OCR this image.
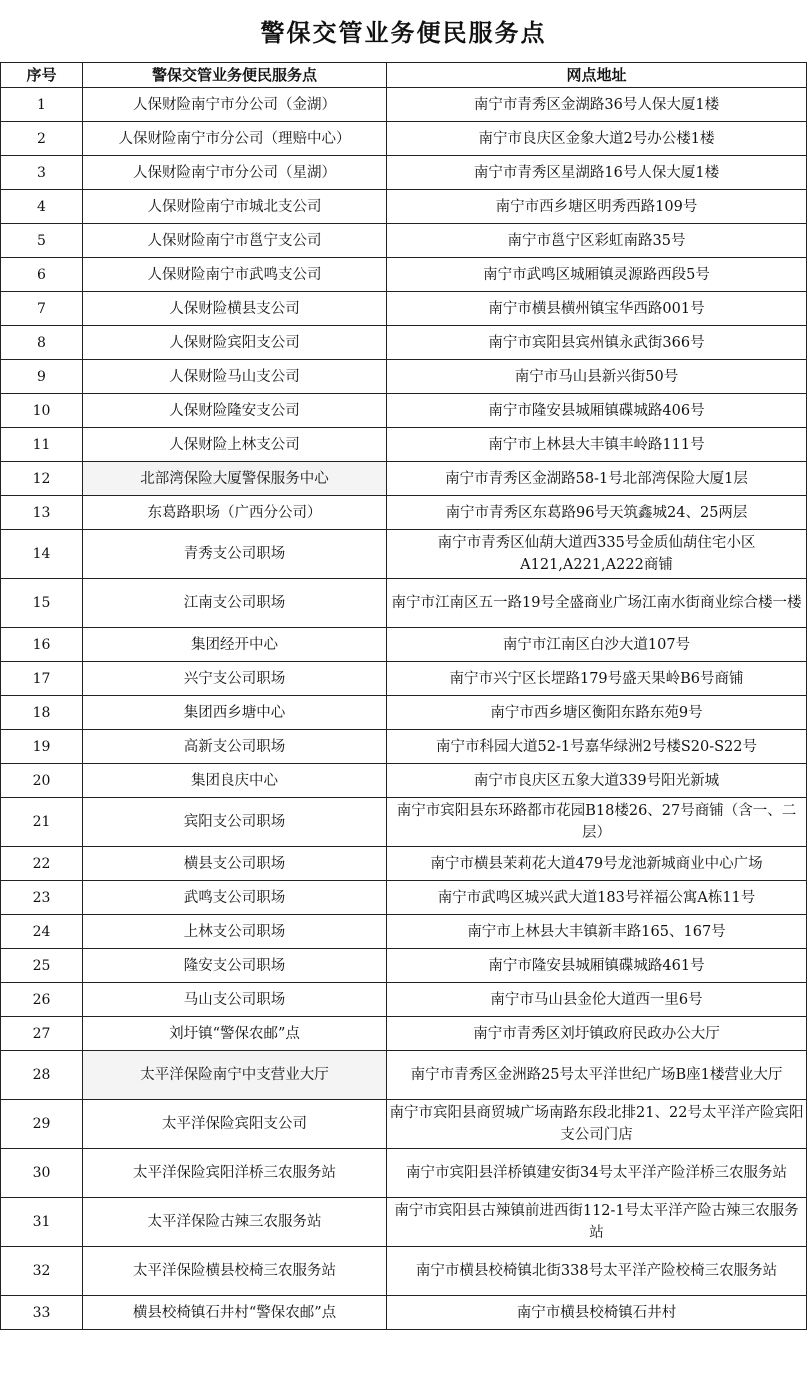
警保交管业务便民服务点
序号	警保交管业务便民服务点	网点地址
1	人保财险南宁市分公司（金湖）	南宁市青秀区金湖路36号人保大厦1楼
2	人保财险南宁市分公司（理赔中心）	南宁市良庆区金象大道2号办公楼1楼
3	人保财险南宁市分公司（星湖）	南宁市青秀区星湖路16号人保大厦1楼
4	人保财险南宁市城北支公司	南宁市西乡塘区明秀西路109号
5	人保财险南宁市邕宁支公司	南宁市邕宁区彩虹南路35号
6	人保财险南宁市武鸣支公司	南宁市武鸣区城厢镇灵源路西段5号
7	人保财险横县支公司	南宁市横县横州镇宝华西路001号
8	人保财险宾阳支公司	南宁市宾阳县宾州镇永武街366号
9	人保财险马山支公司	南宁市马山县新兴街50号
10	人保财险隆安支公司	南宁市隆安县城厢镇碟城路406号
11	人保财险上林支公司	南宁市上林县大丰镇丰岭路111号
12	北部湾保险大厦警保服务中心	南宁市青秀区金湖路58-1号北部湾保险大厦1层
13	东葛路职场（广西分公司）	南宁市青秀区东葛路96号天筑鑫城24、25两层
14	青秀支公司职场	南宁市青秀区仙葫大道西335号金质仙葫住宅小区A121,A221,A222商铺
15	江南支公司职场	南宁市江南区五一路19号全盛商业广场江南水街商业综合楼一楼
16	集团经开中心	南宁市江南区白沙大道107号
17	兴宁支公司职场	南宁市兴宁区长堽路179号盛天果岭B6号商铺
18	集团西乡塘中心	南宁市西乡塘区衡阳东路东苑9号
19	高新支公司职场	南宁市科园大道52-1号嘉华绿洲2号楼S20-S22号
20	集团良庆中心	南宁市良庆区五象大道339号阳光新城
21	宾阳支公司职场	南宁市宾阳县东环路都市花园B18楼26、27号商铺（含一、二层）
22	横县支公司职场	南宁市横县茉莉花大道479号龙池新城商业中心广场
23	武鸣支公司职场	南宁市武鸣区城兴武大道183号祥福公寓A栋11号
24	上林支公司职场	南宁市上林县大丰镇新丰路165、167号
25	隆安支公司职场	南宁市隆安县城厢镇碟城路461号
26	马山支公司职场	南宁市马山县金伦大道西一里6号
27	刘圩镇“警保农邮”点	南宁市青秀区刘圩镇政府民政办公大厅
28	太平洋保险南宁中支营业大厅	南宁市青秀区金洲路25号太平洋世纪广场B座1楼营业大厅
29	太平洋保险宾阳支公司	南宁市宾阳县商贸城广场南路东段北排21、22号太平洋产险宾阳支公司门店
30	太平洋保险宾阳洋桥三农服务站	南宁市宾阳县洋桥镇建安街34号太平洋产险洋桥三农服务站
31	太平洋保险古辣三农服务站	南宁市宾阳县古辣镇前进西街112-1号太平洋产险古辣三农服务站
32	太平洋保险横县校椅三农服务站	南宁市横县校椅镇北街338号太平洋产险校椅三农服务站
33	横县校椅镇石井村“警保农邮”点	南宁市横县校椅镇石井村
